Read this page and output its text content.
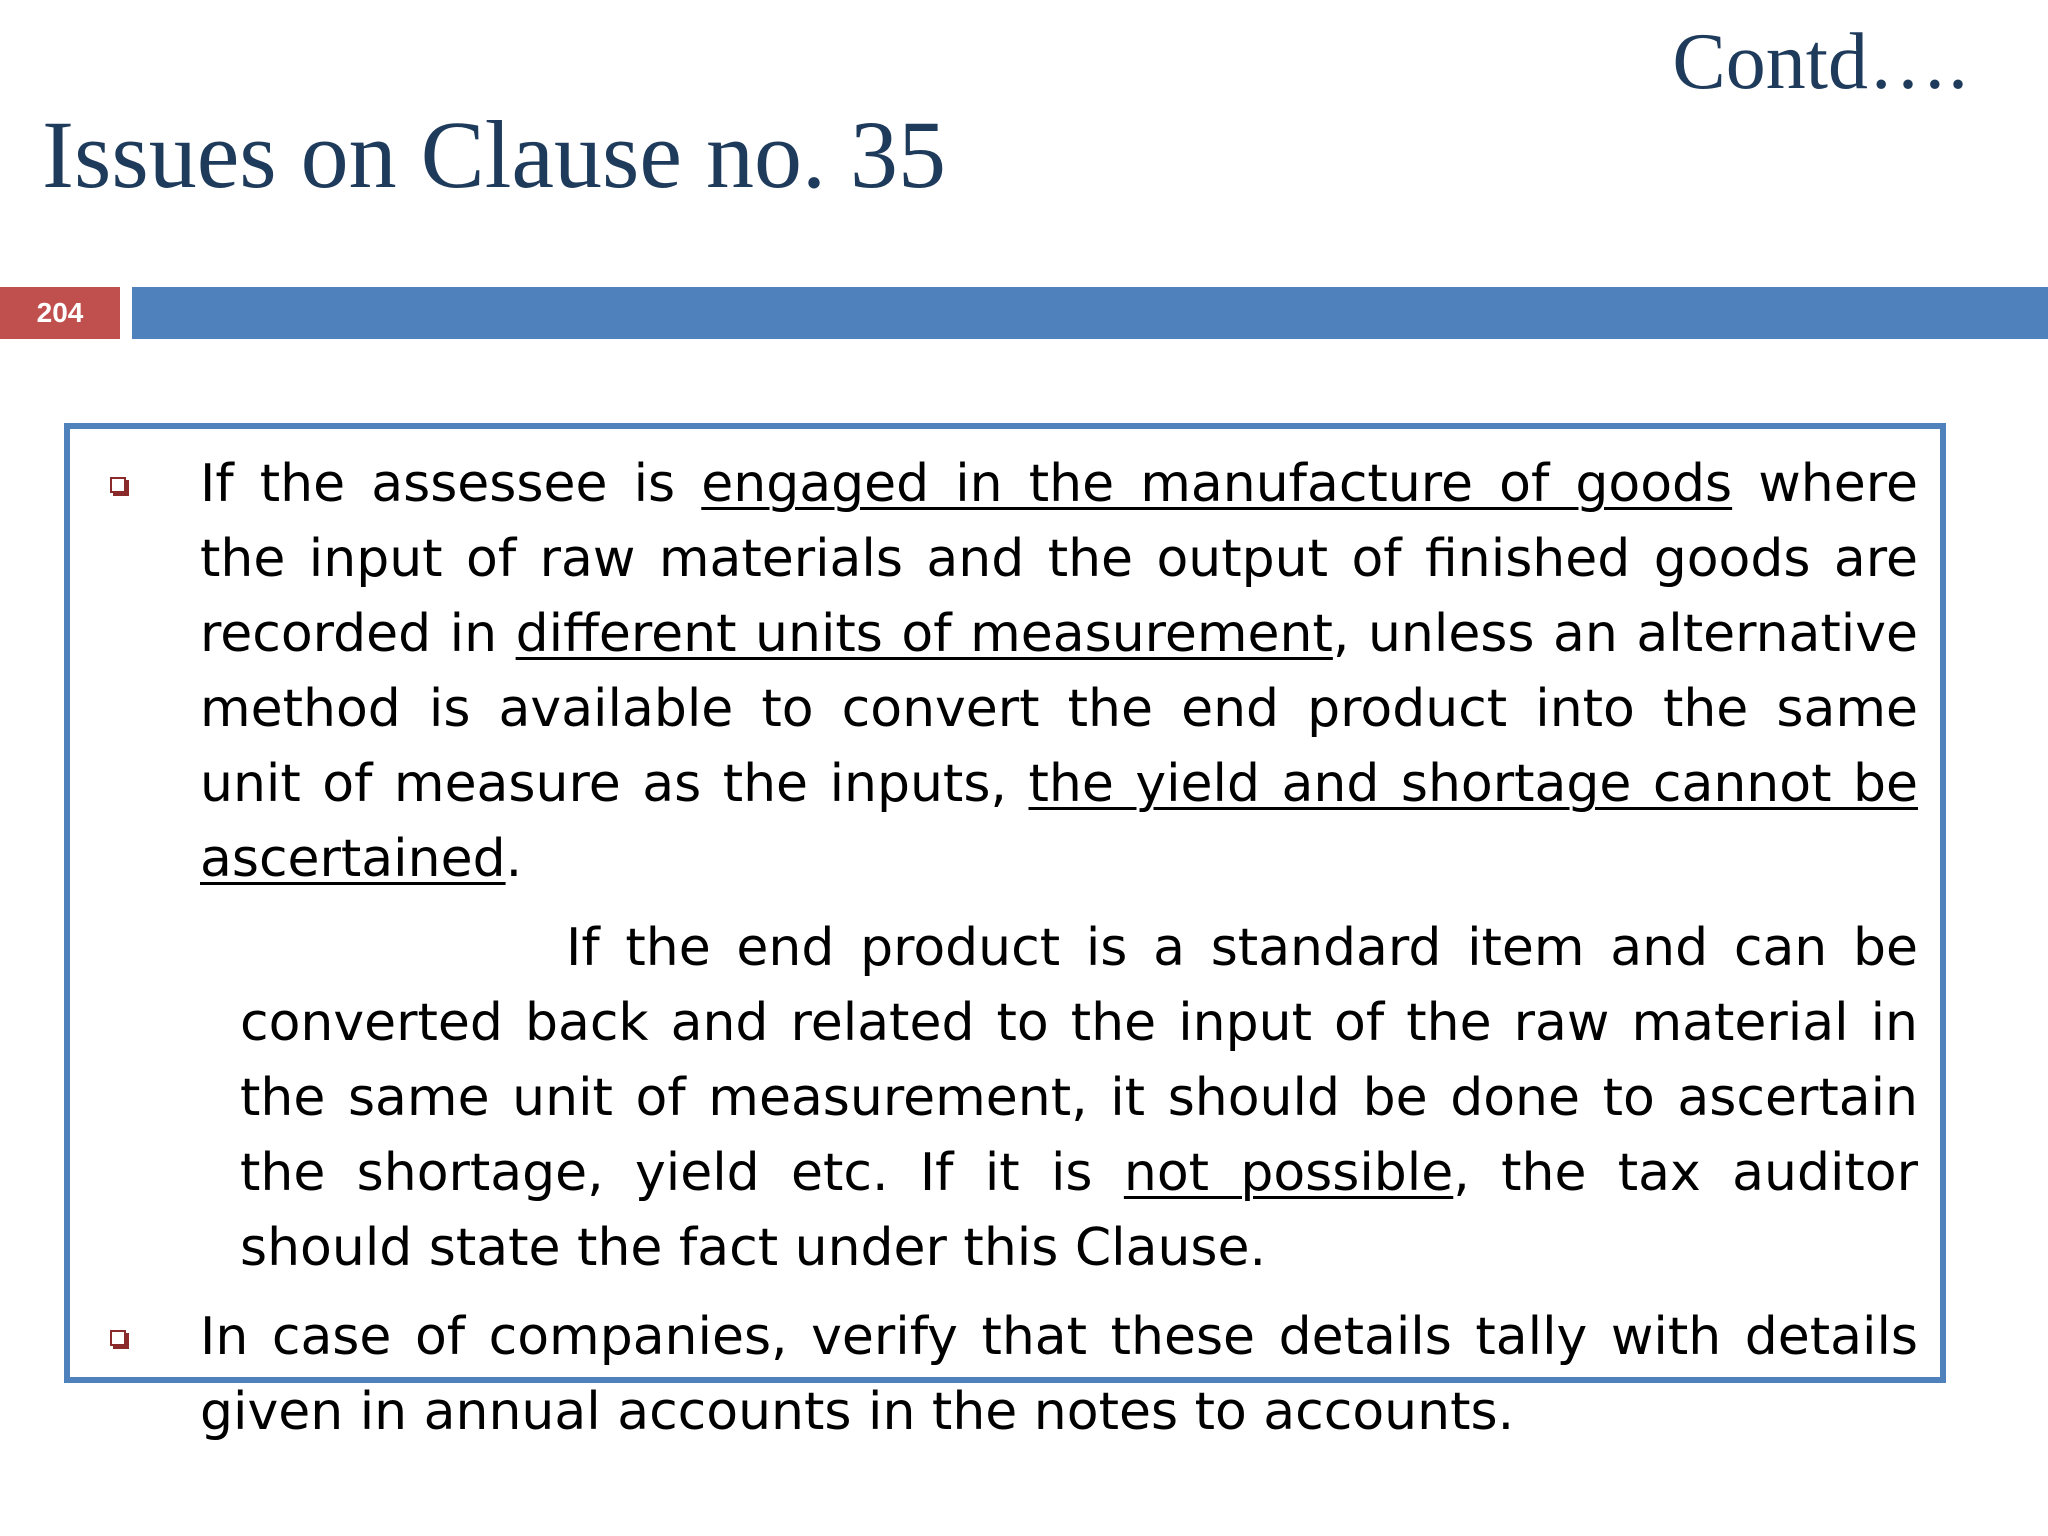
Contd….
Issues on Clause no. 35
204

If the assessee is engaged in the manufacture of goods where the input of raw materials and the output of finished goods are recorded in different units of measurement, unless an alternative method is available to convert the end product into the same unit of measure as the inputs, the yield and shortage cannot be ascertained.

If the end product is a standard item and can be converted back and related to the input of the raw material in the same unit of measurement, it should be done to ascertain the shortage, yield etc. If it is not possible, the tax auditor should state the fact under this Clause.

In case of companies, verify that these details tally with details given in annual accounts in the notes to accounts.
